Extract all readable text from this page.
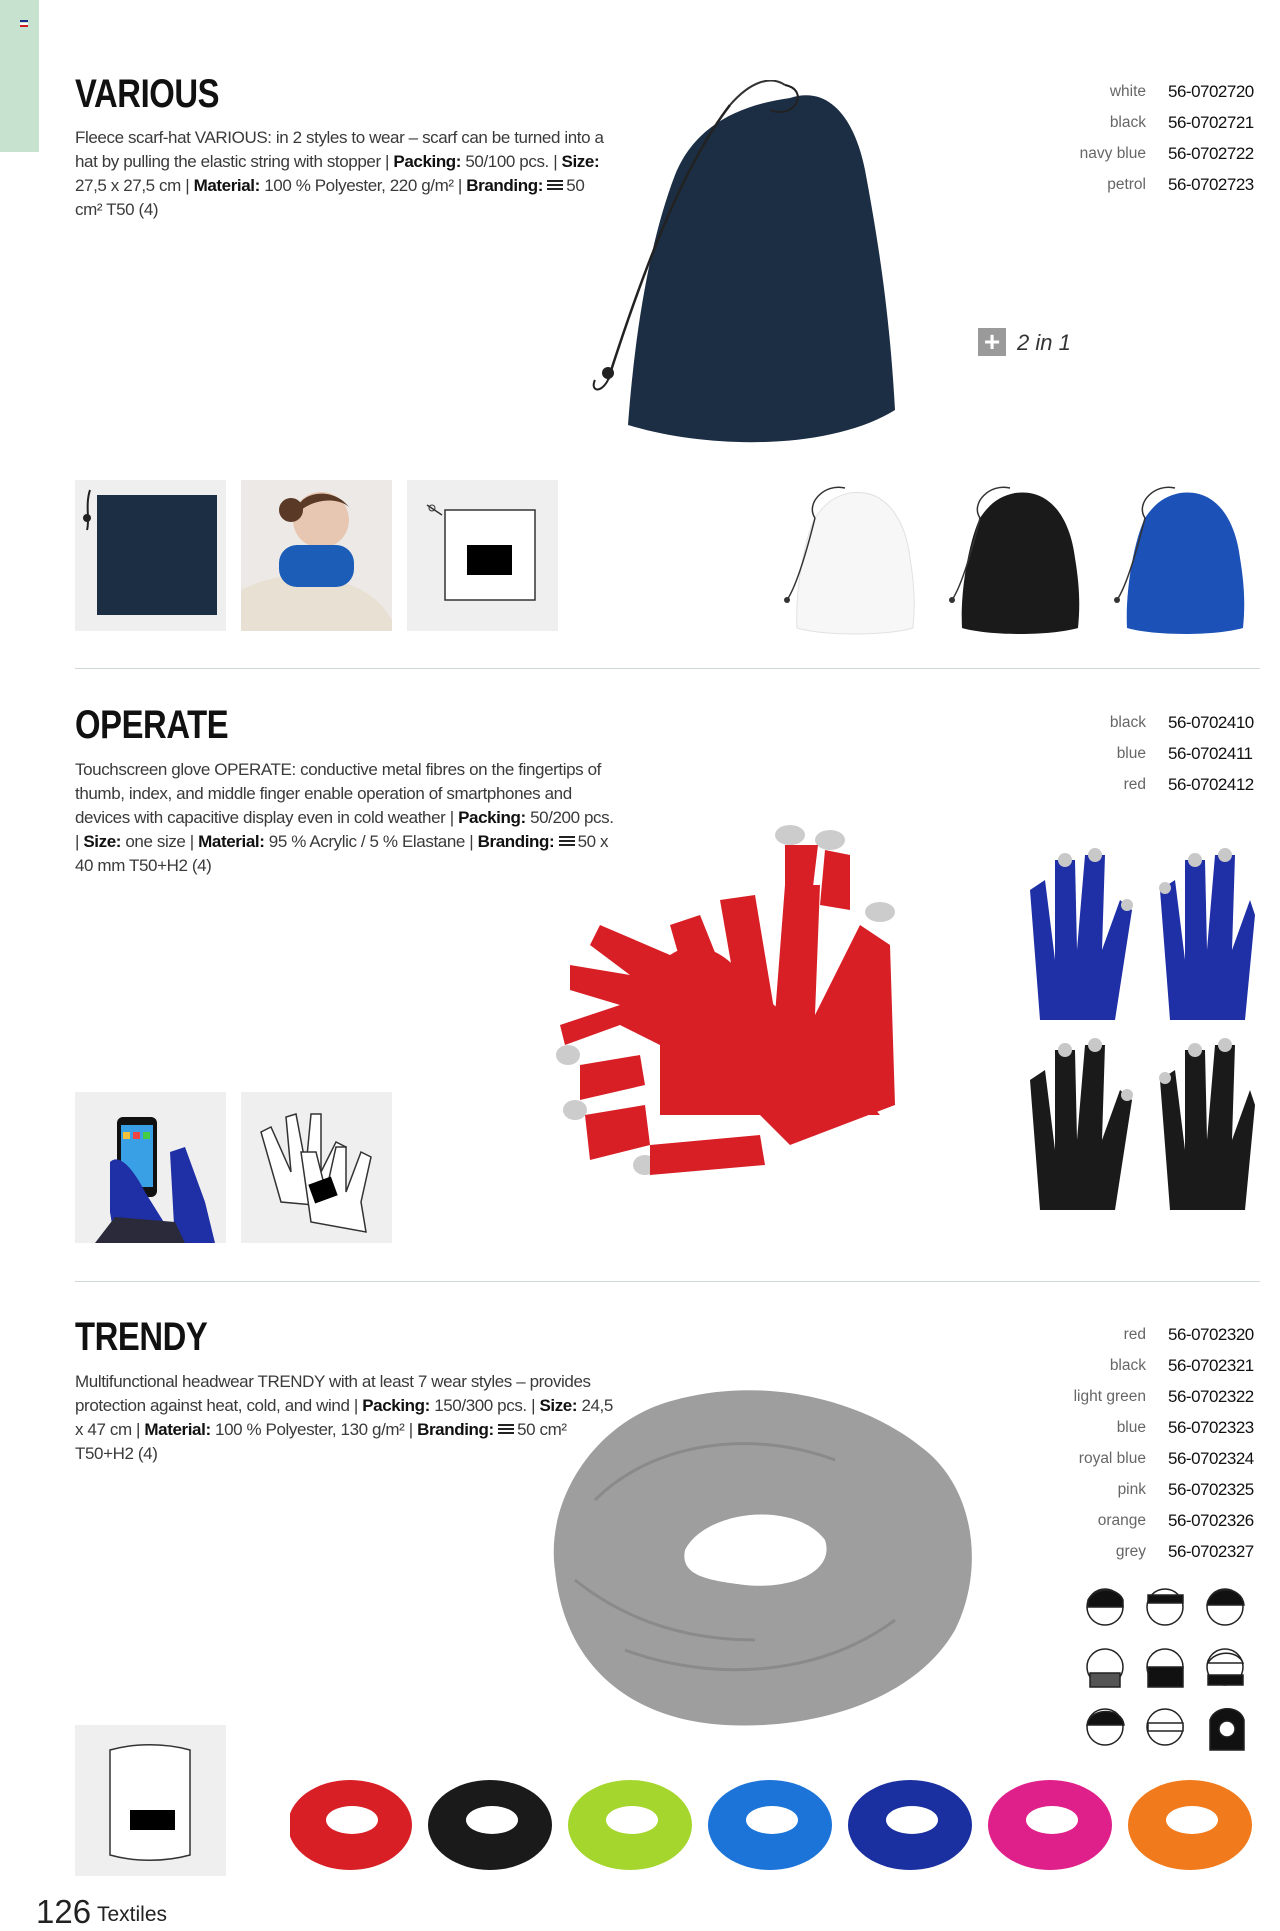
VARIOUS
Fleece scarf-hat VARIOUS: in 2 styles to wear – scarf can be turned into a hat by pulling the elastic string with stopper | Packing: 50/100 pcs. | Size: 27,5 x 27,5 cm | Material: 100 % Polyester, 220 g/m² | Branding: 50 cm² T50 (4)
white 56-0702720
black 56-0702721
navy blue 56-0702722
petrol 56-0702723
+ 2 in 1
OPERATE
Touchscreen glove OPERATE: conductive metal fibres on the fingertips of thumb, index, and middle finger enable operation of smartphones and devices with capacitive display even in cold weather | Packing: 50/200 pcs. | Size: one size | Material: 95 % Acrylic / 5 % Elastane | Branding: 50 x 40 mm T50+H2 (4)
black 56-0702410
blue 56-0702411
red 56-0702412
TRENDY
Multifunctional headwear TRENDY with at least 7 wear styles – provides protection against heat, cold, and wind | Packing: 150/300 pcs. | Size: 24,5 x 47 cm | Material: 100 % Polyester, 130 g/m² | Branding: 50 cm² T50+H2 (4)
red 56-0702320
black 56-0702321
light green 56-0702322
blue 56-0702323
royal blue 56-0702324
pink 56-0702325
orange 56-0702326
grey 56-0702327
126 Textiles
